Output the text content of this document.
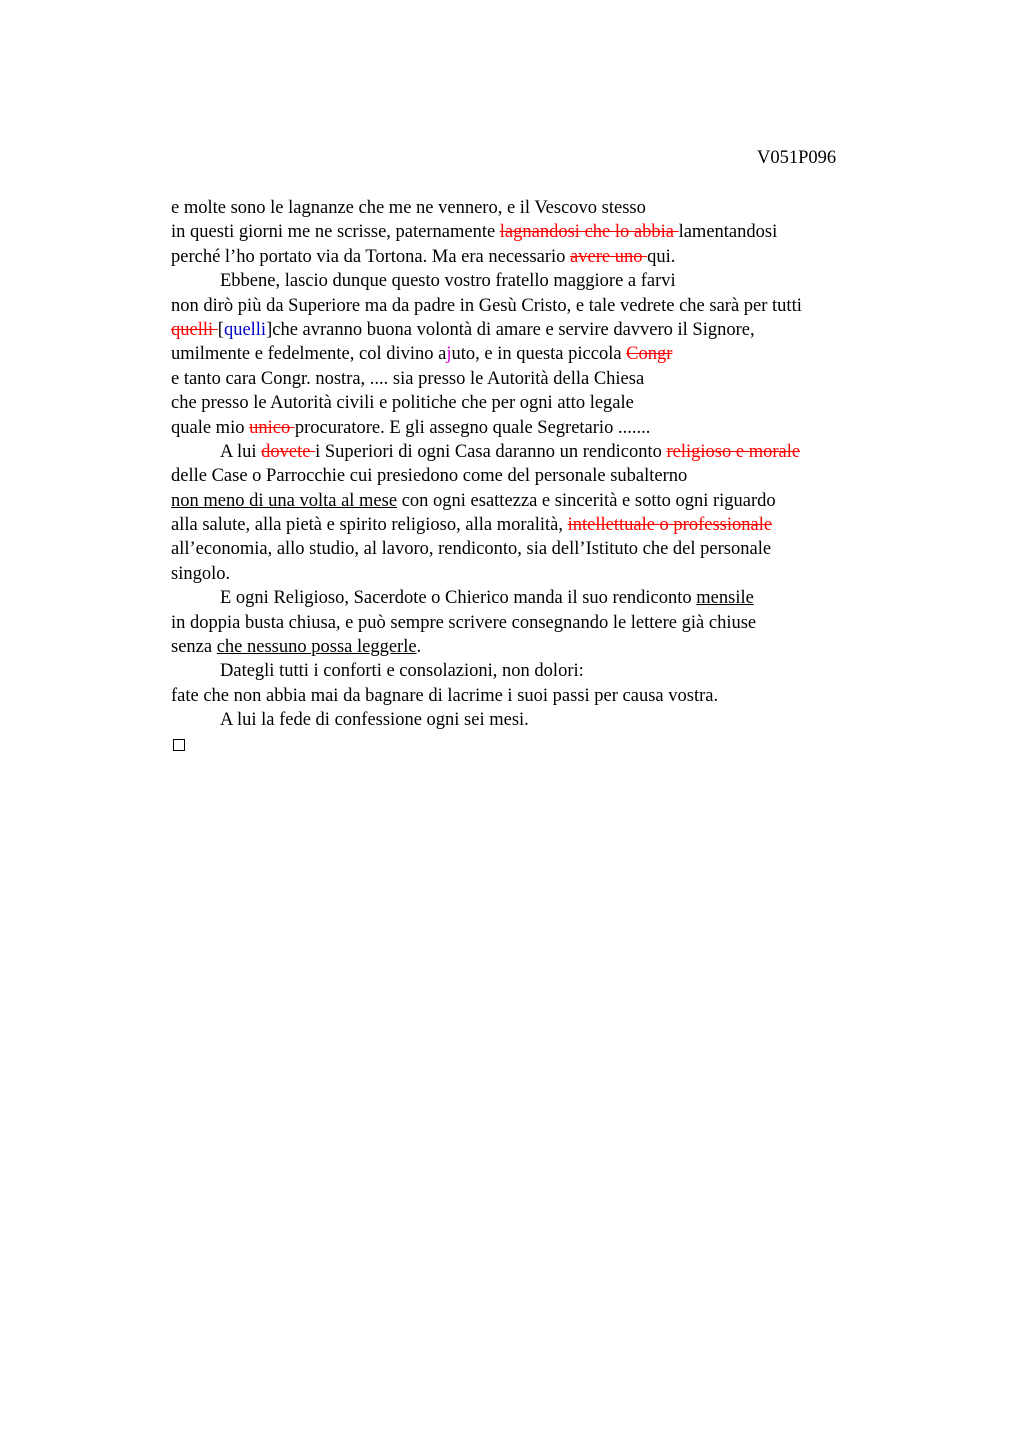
V051P096
e molte sono le lagnanze che me ne vennero, e il Vescovo stesso
in questi giorni me ne scrisse, paternamente lagnandosi che lo abbia lamentandosi
perché l’ho portato via da Tortona. Ma era necessario avere uno qui.
Ebbene, lascio dunque questo vostro fratello maggiore a farvi
non dirò più da Superiore ma da padre in Gesù Cristo, e tale vedrete che sarà per tutti
quelli [quelli]che avranno buona volontà di amare e servire davvero il Signore,
umilmente e fedelmente, col divino ajuto, e in questa piccola Congr
e tanto cara Congr. nostra, .... sia presso le Autorità della Chiesa
che presso le Autorità civili e politiche che per ogni atto legale
quale mio unico procuratore. E gli assegno quale Segretario .......
A lui dovete i Superiori di ogni Casa daranno un rendiconto religioso e morale
delle Case o Parrocchie cui presiedono come del personale subalterno
non meno di una volta al mese con ogni esattezza e sincerità e sotto ogni riguardo
alla salute, alla pietà e spirito religioso, alla moralità, intellettuale o professionale
all’economia, allo studio, al lavoro, rendiconto, sia dell’Istituto che del personale
singolo.
E ogni Religioso, Sacerdote o Chierico manda il suo rendiconto mensile
in doppia busta chiusa, e può sempre scrivere consegnando le lettere già chiuse
senza che nessuno possa leggerle.
Dategli tutti i conforti e consolazioni, non dolori:
fate che non abbia mai da bagnare di lacrime i suoi passi per causa vostra.
A lui la fede di confessione ogni sei mesi.
